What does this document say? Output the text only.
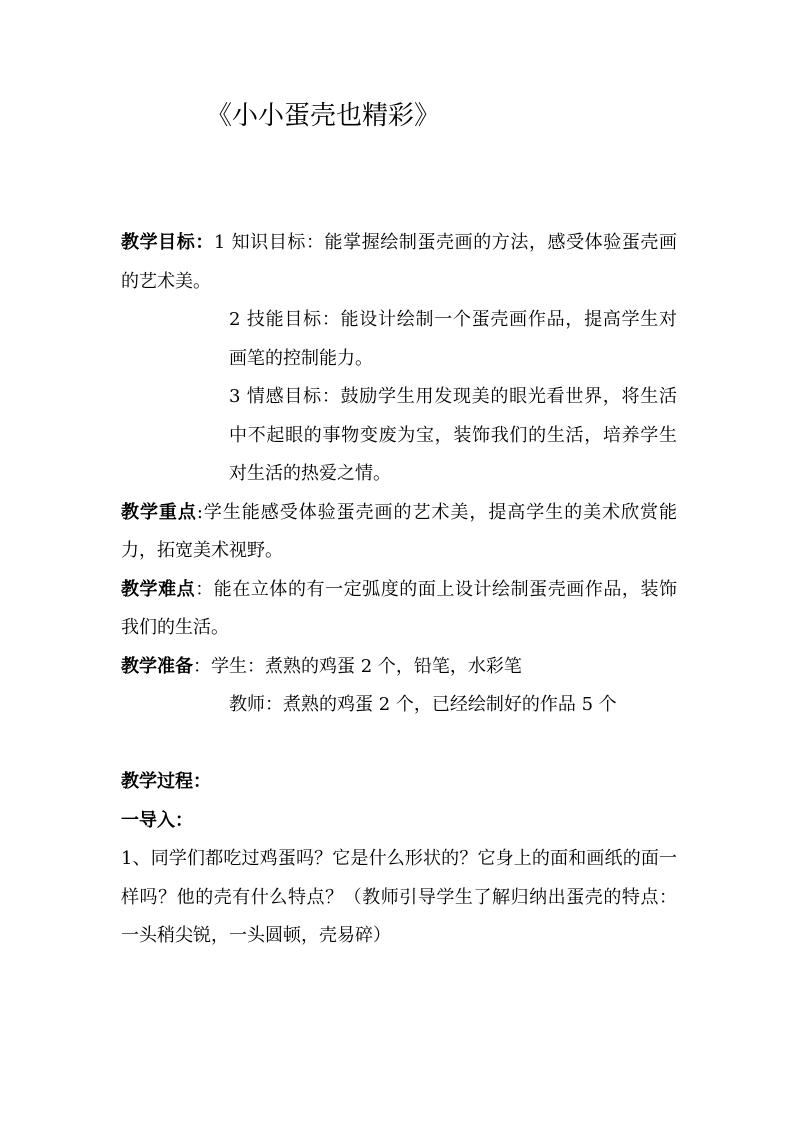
《小小蛋壳也精彩》

教学目标：1 知识目标：能掌握绘制蛋壳画的方法，感受体验蛋壳画的艺术美。

2 技能目标：能设计绘制一个蛋壳画作品，提高学生对画笔的控制能力。

3 情感目标：鼓励学生用发现美的眼光看世界，将生活中不起眼的事物变废为宝，装饰我们的生活，培养学生对生活的热爱之情。

教学重点:学生能感受体验蛋壳画的艺术美，提高学生的美术欣赏能力，拓宽美术视野。

教学难点：能在立体的有一定弧度的面上设计绘制蛋壳画作品，装饰我们的生活。

教学准备：学生：煮熟的鸡蛋 2 个，铅笔，水彩笔

教师：煮熟的鸡蛋 2 个，已经绘制好的作品 5 个

教学过程：

一导入：

1、同学们都吃过鸡蛋吗？它是什么形状的？它身上的面和画纸的面一样吗？他的壳有什么特点？（教师引导学生了解归纳出蛋壳的特点：一头稍尖锐，一头圆顿，壳易碎）
